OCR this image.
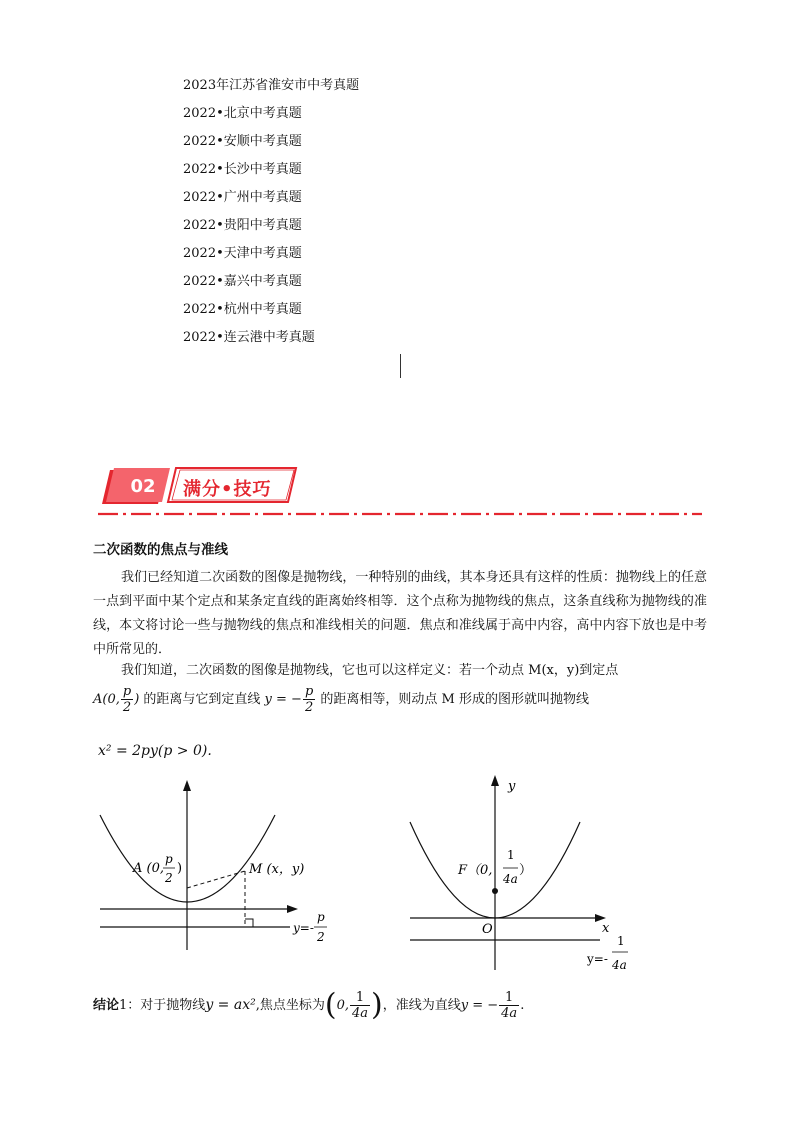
2023年江苏省淮安市中考真题
2022•北京中考真题
2022•安顺中考真题
2022•长沙中考真题
2022•广州中考真题
2022•贵阳中考真题
2022•天津中考真题
2022•嘉兴中考真题
2022•杭州中考真题
2022•连云港中考真题
02	满分•技巧
二次函数的焦点与准线
我们已经知道二次函数的图像是抛物线，一种特别的曲线，其本身还具有这样的性质：抛物线上的任意一点到平面中某个定点和某条定直线的距离始终相等．这个点称为抛物线的焦点，这条直线称为抛物线的准线，本文将讨论一些与抛物线的焦点和准线相关的问题．焦点和准线属于高中内容，高中内容下放也是中考中所常见的．
我们知道，二次函数的图像是抛物线，它也可以这样定义：若一个动点 M(x，y)到定点
A(0, $\frac{p}{2}$ ) 的距离与它到定直线 y = − $\frac{p}{2}$ 的距离相等，则动点 M 形成的图形就叫抛物线
x² = 2py(p > 0).
A (0,
p
2
)	M (x，y)
y=-
p
2
y
x
O
F（0,
1
4a
）
y=-
1
4a
结论1：对于抛物线y = ax²,焦点坐标为(0, $\frac{1}{4a}$ )，准线为直线y = − $\frac{1}{4a}$ .
